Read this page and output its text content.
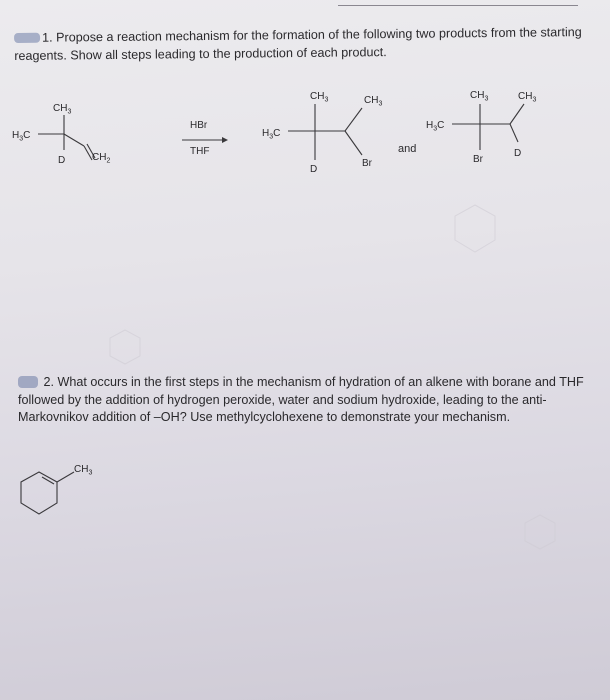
1. Propose a reaction mechanism for the formation of the following two products from the starting reagents. Show all steps leading to the production of each product.
$CH_3$
$H_3C$
D	$CH_2$
HBr
THF
$CH_3$	$CH_3$
$H_3C$
D
Br
and
$CH_3$	$CH_3$
$H_3C$
Br
D
$CH_3$
2. What occurs in the first steps in the mechanism of hydration of an alkene with borane and THF followed by the addition of hydrogen peroxide, water and sodium hydroxide, leading to the anti-Markovnikov addition of –OH? Use methylcyclohexene to demonstrate your mechanism.
